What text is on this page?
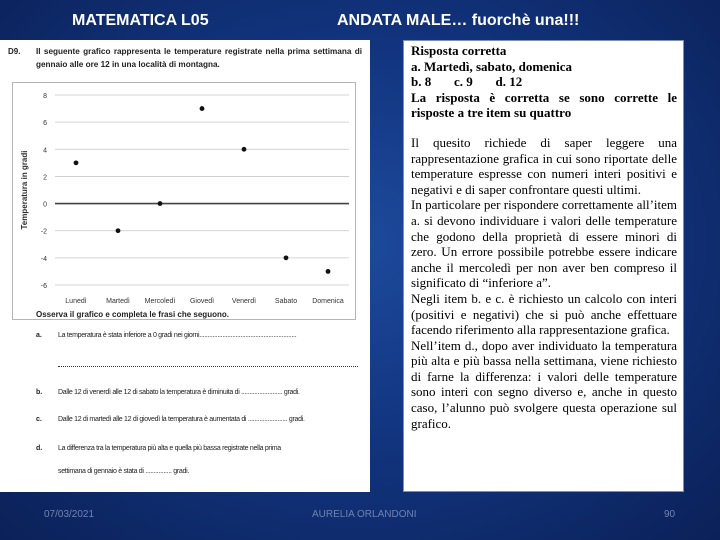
MATEMATICA L05	ANDATA MALE… fuorchè una!!!
D9. Il seguente grafico rappresenta le temperature registrate nella prima settimana di gennaio alle ore 12 in una località di montagna.
8
6
4
2
0
-2
-4
-6
Temperatura in gradi
Lunedì	Martedì Mercoledì Giovedì	Venerdì	Sabato Domenica
Osserva il grafico e completa le frasi che seguono.
a. La temperatura è stata inferiore a 0 gradi nei giorni...........................................................
b. Dalle 12 di venerdì alle 12 di sabato la temperatura è diminuita di ......................... gradi.
c. Dalle 12 di martedì alle 12 di giovedì la temperatura è aumentata di ........................ gradi.
d. La differenza tra la temperatura più alta e quella più bassa registrate nella prima
settimana di gennaio è stata di ................ gradi.

Risposta corretta

a. Martedì, sabato, domenica

b. 8       c. 9       d. 12

La risposta è corretta se sono corrette le risposte a tre item su quattro

Il quesito richiede di saper leggere una rappresentazione grafica in cui sono riportate delle temperature espresse con numeri interi positivi e negativi e di saper confrontare questi ultimi.

In particolare per rispondere correttamente all’item a. si devono individuare i valori delle temperature che godono della proprietà di essere minori di zero. Un errore possibile potrebbe essere indicare anche il mercoledì per non aver ben compreso il significato di “inferiore a”.

Negli item b. e c. è richiesto un calcolo con interi (positivi e negativi) che si può anche effettuare facendo riferimento alla rappresentazione grafica.

Nell’item d., dopo aver individuato la temperatura più alta e più bassa nella settimana, viene richiesto di farne la differenza: i valori delle temperature sono interi con segno diverso e, anche in questo caso, l’alunno può svolgere questa operazione sul grafico.

07/03/2021	AURELIA ORLANDONI	90
